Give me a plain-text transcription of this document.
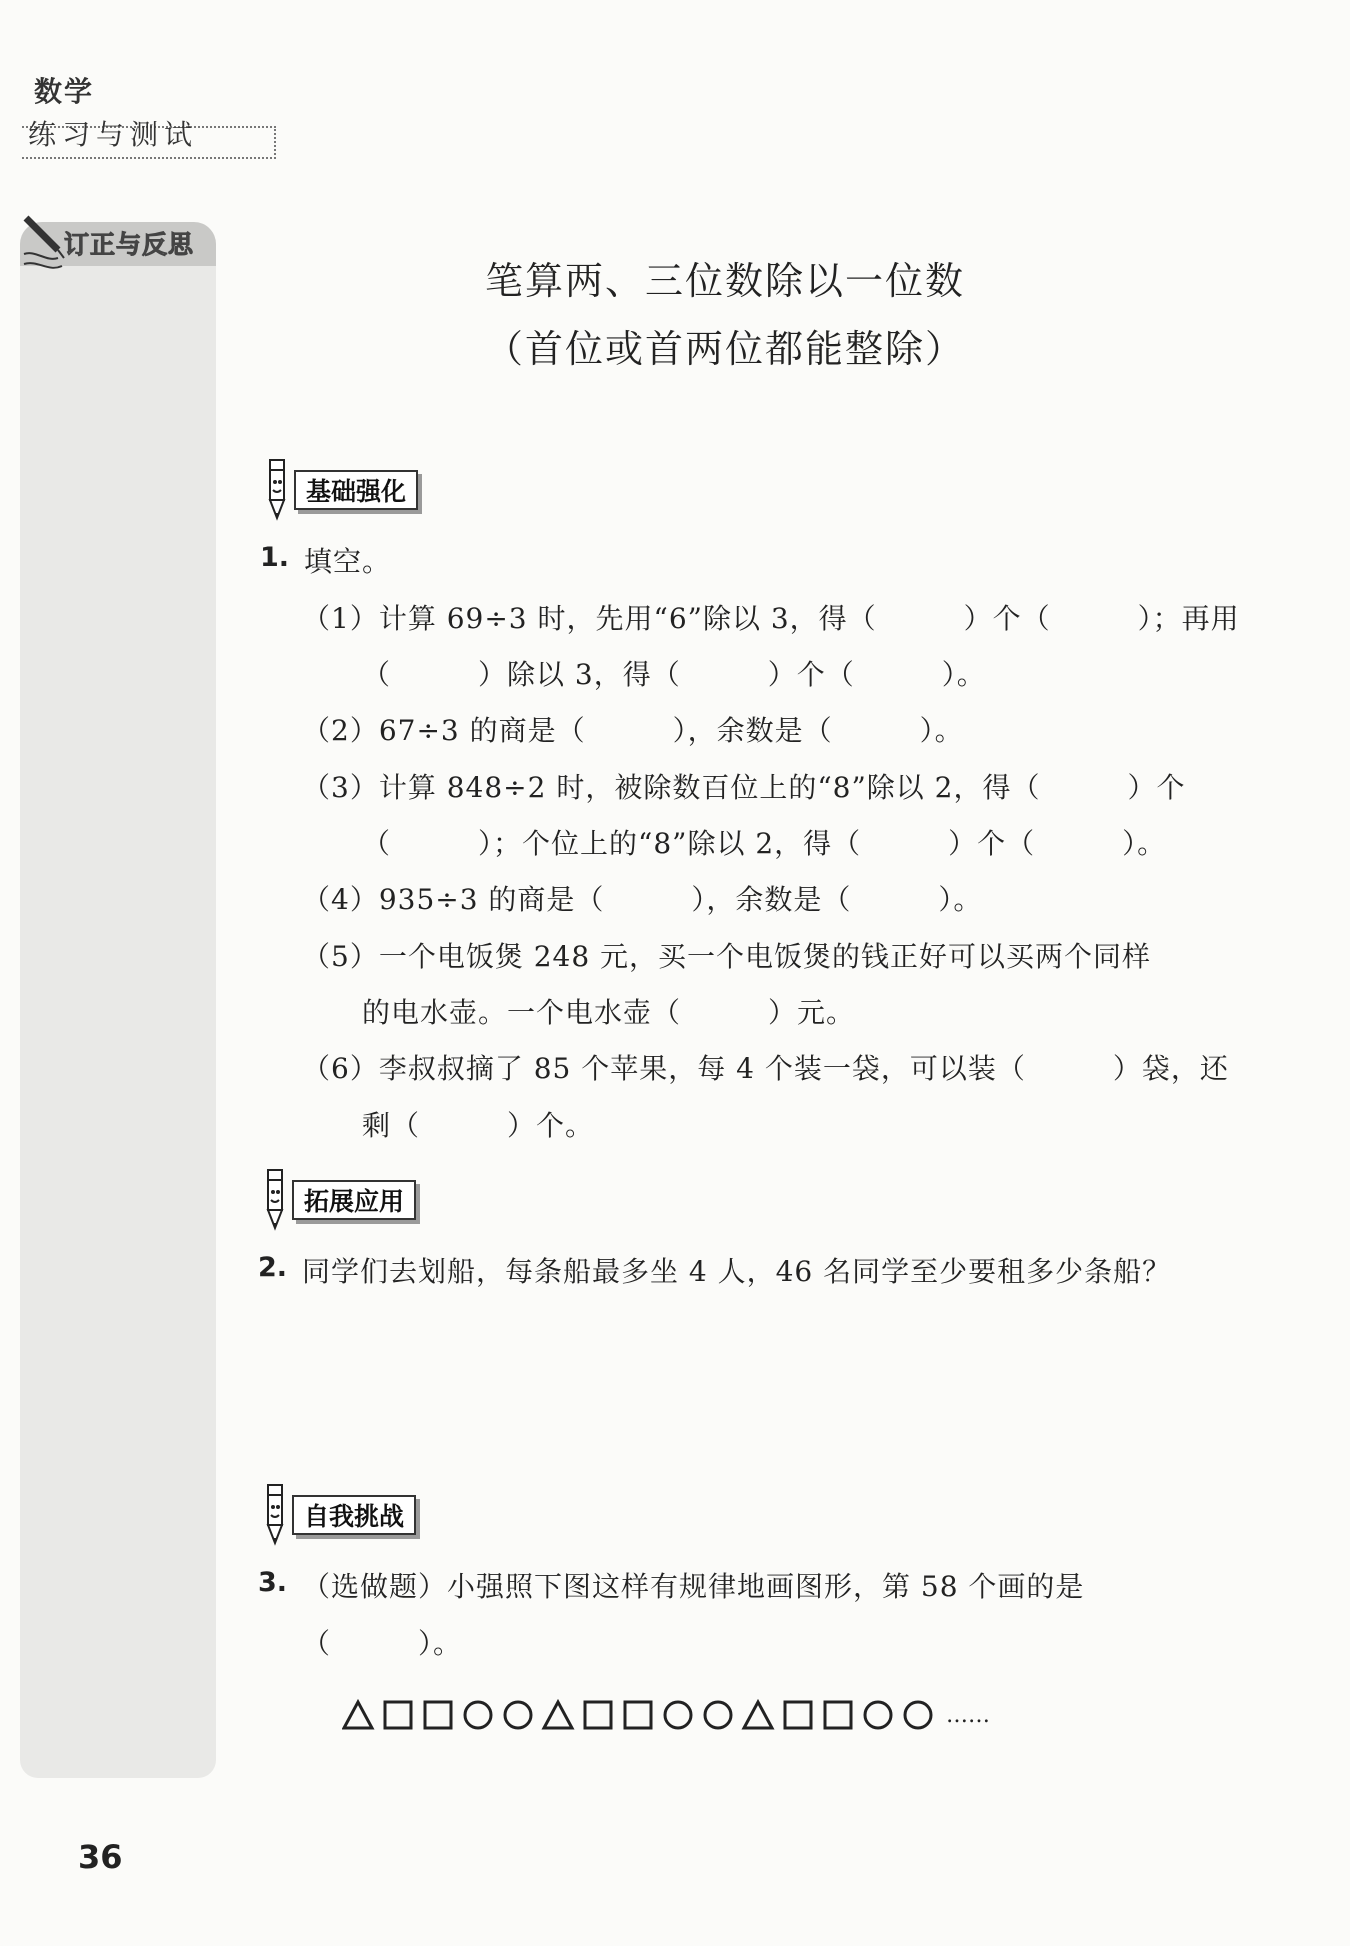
数学
练习与测试
订正与反思
笔算两、三位数除以一位数
（首位或首两位都能整除）
基础强化
1. 填空。
（1）计算 69÷3 时，先用“6”除以 3，得（　　　）个（　　　）；再用
（　　　）除以 3，得（　　　）个（　　　）。
（2）67÷3 的商是（　　　），余数是（　　　）。
（3）计算 848÷2 时，被除数百位上的“8”除以 2，得（　　　）个
（　　　）；个位上的“8”除以 2，得（　　　）个（　　　）。
（4）935÷3 的商是（　　　），余数是（　　　）。
（5）一个电饭煲 248 元，买一个电饭煲的钱正好可以买两个同样
的电水壶。一个电水壶（　　　）元。
（6）李叔叔摘了 85 个苹果，每 4 个装一袋，可以装（　　　）袋，还
剩（　　　）个。
拓展应用
2. 同学们去划船，每条船最多坐 4 人，46 名同学至少要租多少条船？
自我挑战
3. （选做题）小强照下图这样有规律地画图形，第 58 个画的是
（　　　）。
……
36
